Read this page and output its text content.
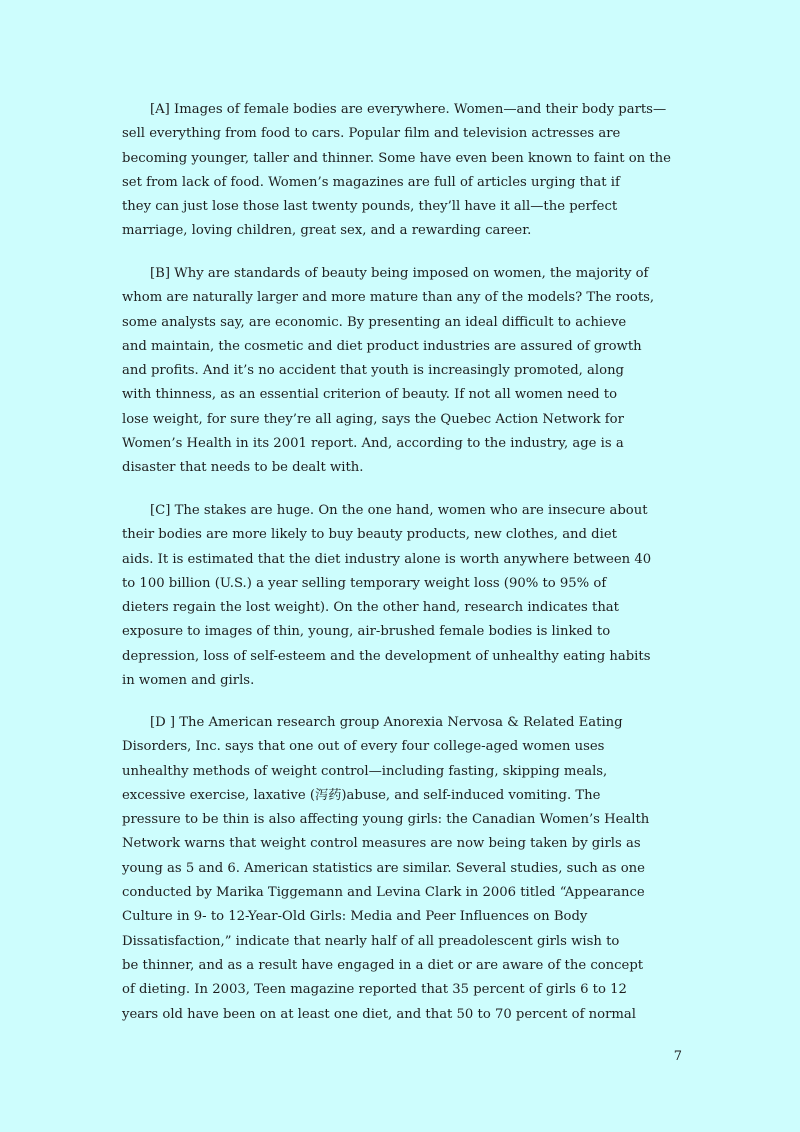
[A] Images of female bodies are everywhere. Women—and their body parts—
sell everything from food to cars. Popular film and television actresses are
becoming younger, taller and thinner. Some have even been known to faint on the
set from lack of food. Women’s magazines are full of articles urging that if
they can just lose those last twenty pounds, they’ll have it all—the perfect
marriage, loving children, great sex, and a rewarding career.
[B] Why are standards of beauty being imposed on women, the majority of
whom are naturally larger and more mature than any of the models? The roots,
some analysts say, are economic. By presenting an ideal difficult to achieve
and maintain, the cosmetic and diet product industries are assured of growth
and profits. And it’s no accident that youth is increasingly promoted, along
with thinness, as an essential criterion of beauty. If not all women need to
lose weight, for sure they’re all aging, says the Quebec Action Network for
Women’s Health in its 2001 report. And, according to the industry, age is a
disaster that needs to be dealt with.
[C] The stakes are huge. On the one hand, women who are insecure about
their bodies are more likely to buy beauty products, new clothes, and diet
aids. It is estimated that the diet industry alone is worth anywhere between 40
to 100 billion (U.S.) a year selling temporary weight loss (90% to 95% of
dieters regain the lost weight). On the other hand, research indicates that
exposure to images of thin, young, air-brushed female bodies is linked to
depression, loss of self-esteem and the development of unhealthy eating habits
in women and girls.
[D ] The American research group Anorexia Nervosa & Related Eating
Disorders, Inc. says that one out of every four college-aged women uses
unhealthy methods of weight control—including fasting, skipping meals,
excessive exercise, laxative (泻药)abuse, and self-induced vomiting. The
pressure to be thin is also affecting young girls: the Canadian Women’s Health
Network warns that weight control measures are now being taken by girls as
young as 5 and 6. American statistics are similar. Several studies, such as one
conducted by Marika Tiggemann and Levina Clark in 2006 titled “Appearance
Culture in 9- to 12-Year-Old Girls: Media and Peer Influences on Body
Dissatisfaction,” indicate that nearly half of all preadolescent girls wish to
be thinner, and as a result have engaged in a diet or are aware of the concept
of dieting. In 2003, Teen magazine reported that 35 percent of girls 6 to 12
years old have been on at least one diet, and that 50 to 70 percent of normal
7
